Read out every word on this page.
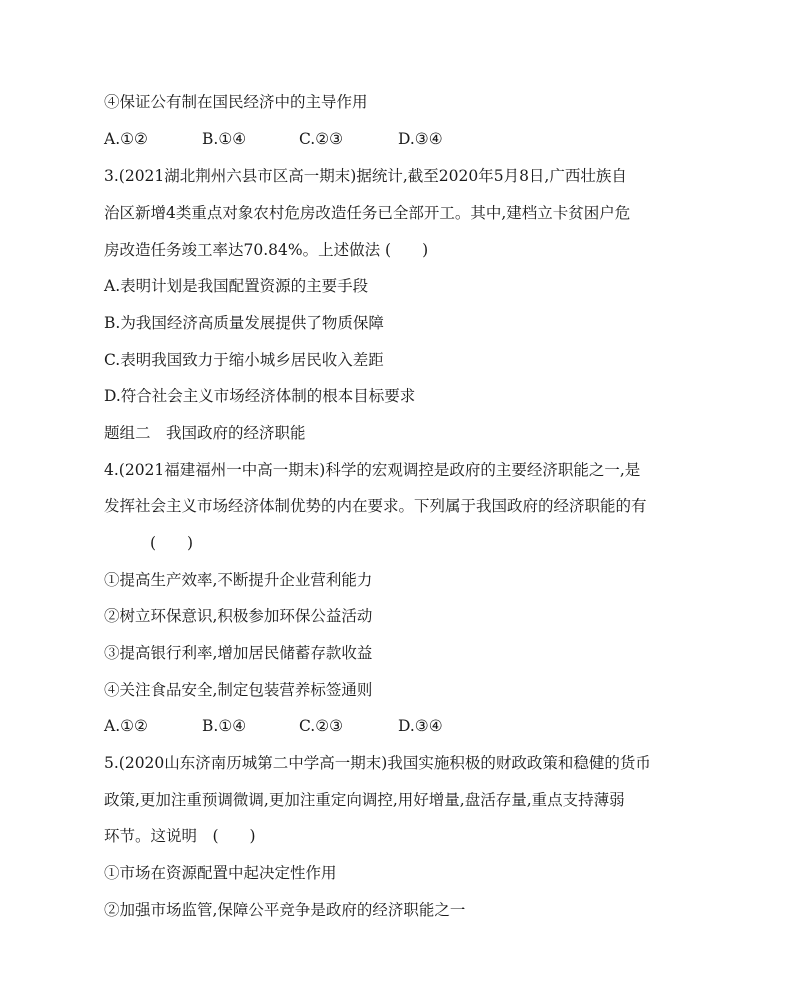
④保证公有制在国民经济中的主导作用
A.①②	B.①④	C.②③	D.③④
3.(2021湖北荆州六县市区高一期末)据统计,截至2020年5月8日,广西壮族自
治区新增4类重点对象农村危房改造任务已全部开工。其中,建档立卡贫困户危
房改造任务竣工率达70.84%。上述做法 (　　)
A.表明计划是我国配置资源的主要手段
B.为我国经济高质量发展提供了物质保障
C.表明我国致力于缩小城乡居民收入差距
D.符合社会主义市场经济体制的根本目标要求
题组二　我国政府的经济职能
4.(2021福建福州一中高一期末)科学的宏观调控是政府的主要经济职能之一,是
发挥社会主义市场经济体制优势的内在要求。下列属于我国政府的经济职能的有
(　　)
①提高生产效率,不断提升企业营利能力
②树立环保意识,积极参加环保公益活动
③提高银行利率,增加居民储蓄存款收益
④关注食品安全,制定包装营养标签通则
A.①②	B.①④	C.②③	D.③④
5.(2020山东济南历城第二中学高一期末)我国实施积极的财政政策和稳健的货币
政策,更加注重预调微调,更加注重定向调控,用好增量,盘活存量,重点支持薄弱
环节。这说明　(　　)
①市场在资源配置中起决定性作用
②加强市场监管,保障公平竞争是政府的经济职能之一
